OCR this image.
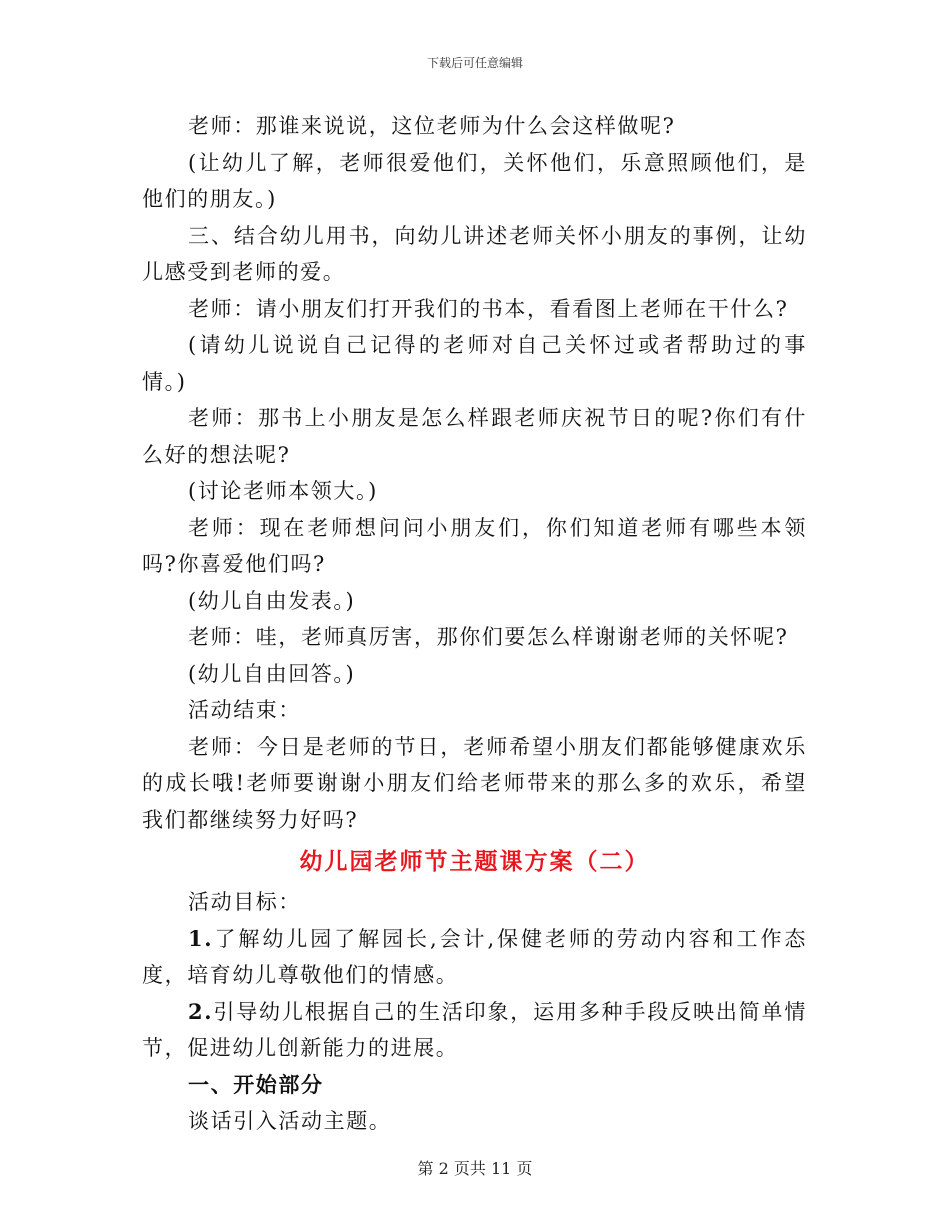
下载后可任意编辑

老师：那谁来说说，这位老师为什么会这样做呢?

(让幼儿了解，老师很爱他们，关怀他们，乐意照顾他们，是他们的朋友。)

三、结合幼儿用书，向幼儿讲述老师关怀小朋友的事例，让幼儿感受到老师的爱。

老师：请小朋友们打开我们的书本，看看图上老师在干什么?

(请幼儿说说自己记得的老师对自己关怀过或者帮助过的事情。)

老师：那书上小朋友是怎么样跟老师庆祝节日的呢?你们有什么好的想法呢?

(讨论老师本领大。)

老师：现在老师想问问小朋友们，你们知道老师有哪些本领吗?你喜爱他们吗?

(幼儿自由发表。)

老师：哇，老师真厉害，那你们要怎么样谢谢老师的关怀呢?

(幼儿自由回答。)

活动结束：

老师：今日是老师的节日，老师希望小朋友们都能够健康欢乐的成长哦!老师要谢谢小朋友们给老师带来的那么多的欢乐，希望我们都继续努力好吗?

幼儿园老师节主题课方案（二）

活动目标：

1.了解幼儿园了解园长,会计,保健老师的劳动内容和工作态度，培育幼儿尊敬他们的情感。

2.引导幼儿根据自己的生活印象，运用多种手段反映出简单情节，促进幼儿创新能力的进展。

一、开始部分

谈话引入活动主题。

第 2 页共 11 页
